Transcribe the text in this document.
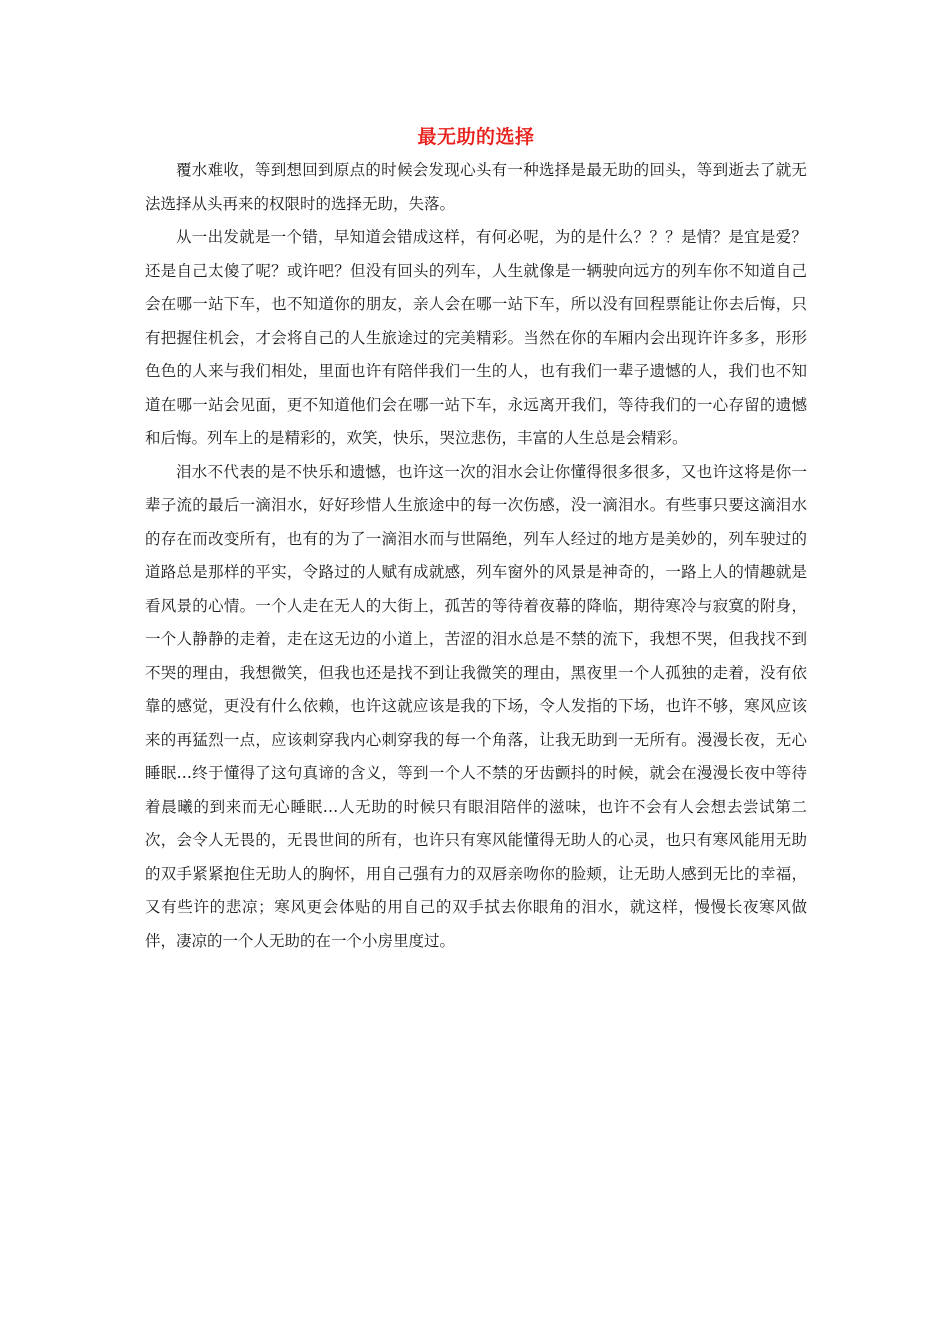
最无助的选择

覆水难收，等到想回到原点的时候会发现心头有一种选择是最无助的回头，等到逝去了就无法选择从头再来的权限时的选择无助，失落。

从一出发就是一个错，早知道会错成这样，有何必呢，为的是什么？？？是情？是宜是爱？还是自己太傻了呢？或许吧？但没有回头的列车，人生就像是一辆驶向远方的列车你不知道自己会在哪一站下车，也不知道你的朋友，亲人会在哪一站下车，所以没有回程票能让你去后悔，只有把握住机会，才会将自己的人生旅途过的完美精彩。当然在你的车厢内会出现许许多多，形形色色的人来与我们相处，里面也许有陪伴我们一生的人，也有我们一辈子遗憾的人，我们也不知道在哪一站会见面，更不知道他们会在哪一站下车，永远离开我们，等待我们的一心存留的遗憾和后悔。列车上的是精彩的，欢笑，快乐，哭泣悲伤，丰富的人生总是会精彩。

泪水不代表的是不快乐和遗憾，也许这一次的泪水会让你懂得很多很多，又也许这将是你一辈子流的最后一滴泪水，好好珍惜人生旅途中的每一次伤感，没一滴泪水。有些事只要这滴泪水的存在而改变所有，也有的为了一滴泪水而与世隔绝，列车人经过的地方是美妙的，列车驶过的道路总是那样的平实，令路过的人赋有成就感，列车窗外的风景是神奇的，一路上人的情趣就是看风景的心情。一个人走在无人的大街上，孤苦的等待着夜幕的降临，期待寒冷与寂寞的附身，一个人静静的走着，走在这无边的小道上，苦涩的泪水总是不禁的流下，我想不哭，但我找不到不哭的理由，我想微笑，但我也还是找不到让我微笑的理由，黑夜里一个人孤独的走着，没有依靠的感觉，更没有什么依赖，也许这就应该是我的下场，令人发指的下场，也许不够，寒风应该来的再猛烈一点，应该刺穿我内心刺穿我的每一个角落，让我无助到一无所有。漫漫长夜，无心睡眠…终于懂得了这句真谛的含义，等到一个人不禁的牙齿颤抖的时候，就会在漫漫长夜中等待着晨曦的到来而无心睡眠…人无助的时候只有眼泪陪伴的滋味，也许不会有人会想去尝试第二次，会令人无畏的，无畏世间的所有，也许只有寒风能懂得无助人的心灵，也只有寒风能用无助的双手紧紧抱住无助人的胸怀，用自己强有力的双唇亲吻你的脸颊，让无助人感到无比的幸福，又有些许的悲凉；寒风更会体贴的用自己的双手拭去你眼角的泪水，就这样，慢慢长夜寒风做伴，凄凉的一个人无助的在一个小房里度过。
